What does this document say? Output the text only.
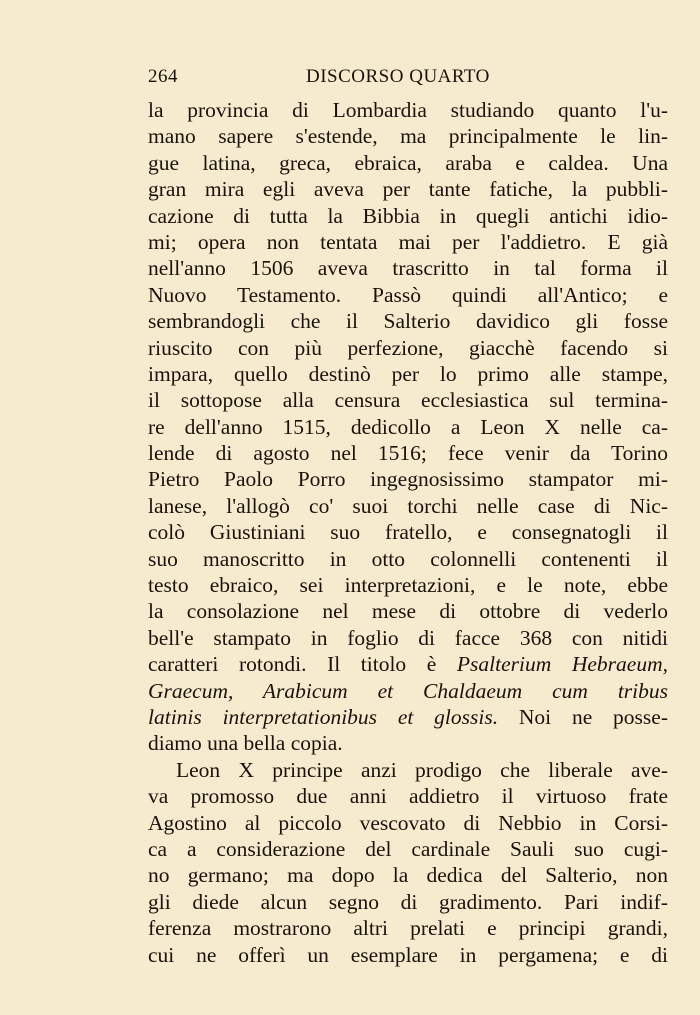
264	DISCORSO QUARTO
la provincia di Lombardia studiando quanto l'u-
mano sapere s'estende, ma principalmente le lin-
gue latina, greca, ebraica, araba e caldea. Una
gran mira egli aveva per tante fatiche, la pubbli-
cazione di tutta la Bibbia in quegli antichi idio-
mi; opera non tentata mai per l'addietro. E già
nell'anno 1506 aveva trascritto in tal forma il
Nuovo Testamento. Passò quindi all'Antico; e
sembrandogli che il Salterio davidico gli fosse
riuscito con più perfezione, giacchè facendo si
impara, quello destinò per lo primo alle stampe,
il sottopose alla censura ecclesiastica sul termina-
re dell'anno 1515, dedicollo a Leon X nelle ca-
lende di agosto nel 1516; fece venir da Torino
Pietro Paolo Porro ingegnosissimo stampator mi-
lanese, l'allogò co' suoi torchi nelle case di Nic-
colò Giustiniani suo fratello, e consegnatogli il
suo manoscritto in otto colonnelli contenenti il
testo ebraico, sei interpretazioni, e le note, ebbe
la consolazione nel mese di ottobre di vederlo
bell'e stampato in foglio di facce 368 con nitidi
caratteri rotondi. Il titolo è Psalterium Hebraeum,
Graecum, Arabicum et Chaldaeum cum tribus
latinis interpretationibus et glossis. Noi ne posse-
diamo una bella copia.
Leon X principe anzi prodigo che liberale ave-
va promosso due anni addietro il virtuoso frate
Agostino al piccolo vescovato di Nebbio in Corsi-
ca a considerazione del cardinale Sauli suo cugi-
no germano; ma dopo la dedica del Salterio, non
gli diede alcun segno di gradimento. Pari indif-
ferenza mostrarono altri prelati e principi grandi,
cui ne offerì un esemplare in pergamena; e di
